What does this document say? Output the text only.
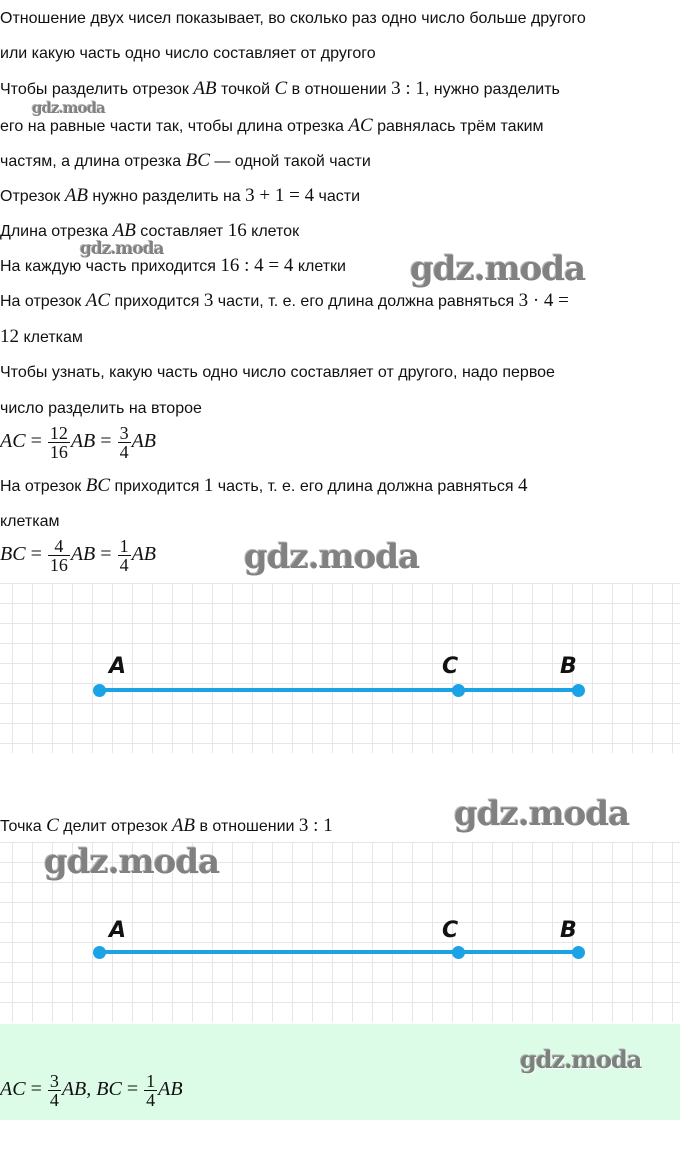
Отношение двух чисел показывает, во сколько раз одно число больше другого
или какую часть одно число составляет от другого
Чтобы разделить отрезок AB точкой C в отношении 3 : 1, нужно разделить
его на равные части так, чтобы длина отрезка AC равнялась трём таким
частям, а длина отрезка BC — одной такой части
Отрезок AB нужно разделить на 3 + 1 = 4 части
Длина отрезка AB составляет 16 клеток
На каждую часть приходится 16 : 4 = 4 клетки
На отрезок AC приходится 3 части, т. е. его длина должна равняться 3 · 4 =
12 клеткам
Чтобы узнать, какую часть одно число составляет от другого, надо первое
число разделить на второе
AC = $\frac{12}{16}$ AB = $\frac{3}{4}$ AB
На отрезок BC приходится 1 часть, т. е. его длина должна равняться 4
клеткам
BC = $\frac{4}{16}$ AB = $\frac{1}{4}$ AB
A	C	B
Точка C делит отрезок AB в отношении 3 : 1
A	C	B
AC = $\frac{3}{4}$ AB, BC = $\frac{1}{4}$ AB
gdz.moda
gdz.moda	gdz.moda
gdz.moda
gdz.moda
gdz.moda
gdz.moda
